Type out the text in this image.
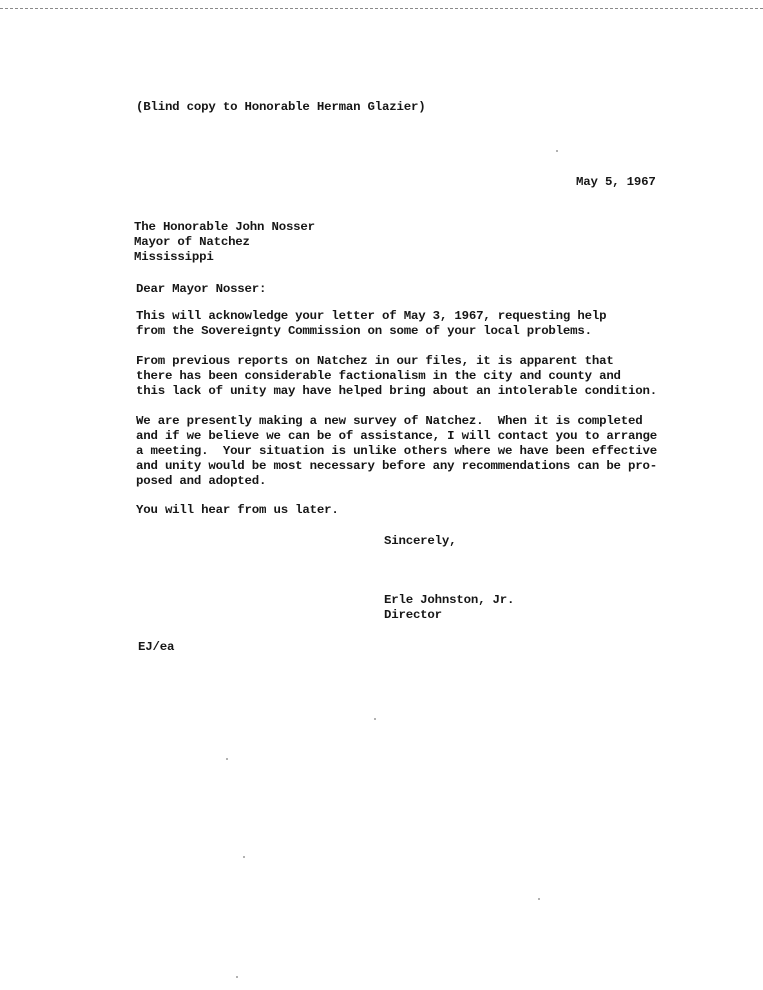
(Blind copy to Honorable Herman Glazier)
May 5, 1967
The Honorable John Nosser
Mayor of Natchez
Mississippi
Dear Mayor Nosser:
This will acknowledge your letter of May 3, 1967, requesting help
from the Sovereignty Commission on some of your local problems.
From previous reports on Natchez in our files, it is apparent that
there has been considerable factionalism in the city and county and
this lack of unity may have helped bring about an intolerable condition.
We are presently making a new survey of Natchez.  When it is completed
and if we believe we can be of assistance, I will contact you to arrange
a meeting.  Your situation is unlike others where we have been effective
and unity would be most necessary before any recommendations can be pro-
posed and adopted.
You will hear from us later.
Sincerely,
Erle Johnston, Jr.
Director
EJ/ea
